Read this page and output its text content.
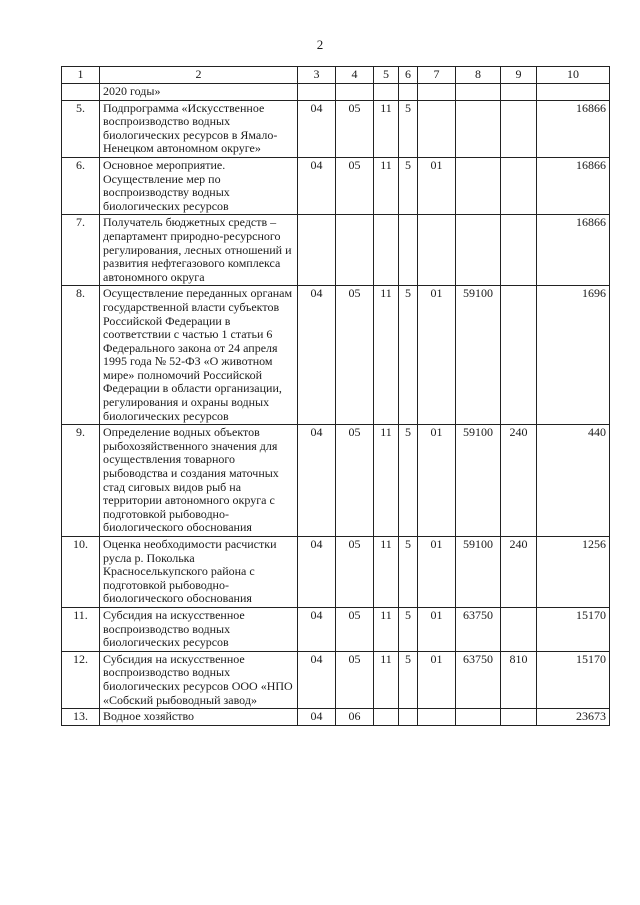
2
1	2	3	4	5	6	7	8	9	10
	2020 годы»								
5.	Подпрограмма «Искусственное воспроизводство водных биологических ресурсов в Ямало-Ненецком автономном округе»	04	05	11	5				16866
6.	Основное мероприятие. Осуществление мер по воспроизводству водных биологических ресурсов	04	05	11	5	01			16866
7.	Получатель бюджетных средств – департамент природно-ресурсного регулирования, лесных отношений и развития нефтегазового комплекса автономного округа								16866
8.	Осуществление переданных органам государственной власти субъектов Российской Федерации в соответствии с частью 1 статьи 6 Федерального закона от 24 апреля 1995 года № 52-ФЗ «О животном мире» полномочий Российской Федерации в области организации, регулирования и охраны водных биологических ресурсов	04	05	11	5	01	59100		1696
9.	Определение водных объектов рыбохозяйственного значения для осуществления товарного рыбоводства и создания маточных стад сиговых видов рыб на территории автономного округа с подготовкой рыбоводно-биологического обоснования	04	05	11	5	01	59100	240	440
10.	Оценка необходимости расчистки русла р. Поколька Красноселькупского района с подготовкой рыбоводно-биологического обоснования	04	05	11	5	01	59100	240	1256
11.	Субсидия на искусственное воспроизводство водных биологических ресурсов	04	05	11	5	01	63750		15170
12.	Субсидия на искусственное воспроизводство водных биологических ресурсов ООО «НПО «Собский рыбоводный завод»	04	05	11	5	01	63750	810	15170
13.	Водное хозяйство	04	06						23673
